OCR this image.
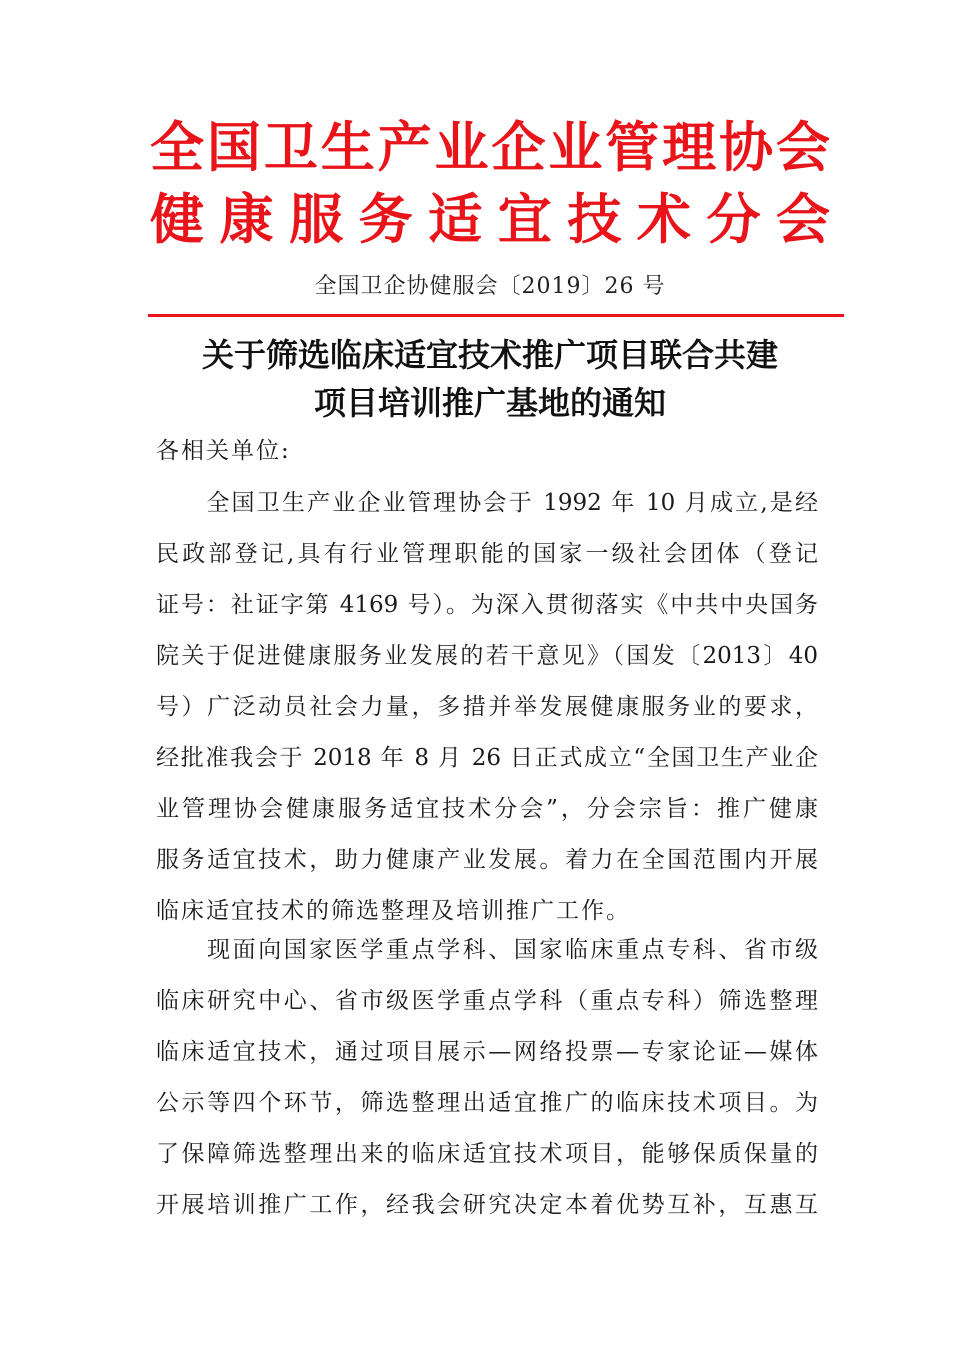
全国卫生产业企业管理协会
健康服务适宜技术分会
全国卫企协健服会〔2019〕26 号
关于筛选临床适宜技术推广项目联合共建
项目培训推广基地的通知
各相关单位:
　　全国卫生产业企业管理协会于 1992 年 10 月成立,是经
民政部登记,具有行业管理职能的国家一级社会团体（登记
证号：社证字第 4169 号）。为深入贯彻落实《中共中央国务
院关于促进健康服务业发展的若干意见》（国发〔2013〕40
号）广泛动员社会力量，多措并举发展健康服务业的要求，
经批准我会于 2018 年 8 月 26 日正式成立“全国卫生产业企
业管理协会健康服务适宜技术分会”，分会宗旨：推广健康
服务适宜技术，助力健康产业发展。着力在全国范围内开展
临床适宜技术的筛选整理及培训推广工作。
　　现面向国家医学重点学科、国家临床重点专科、省市级
临床研究中心、省市级医学重点学科（重点专科）筛选整理
临床适宜技术，通过项目展示—网络投票—专家论证—媒体
公示等四个环节，筛选整理出适宜推广的临床技术项目。为
了保障筛选整理出来的临床适宜技术项目，能够保质保量的
开展培训推广工作，经我会研究决定本着优势互补，互惠互
